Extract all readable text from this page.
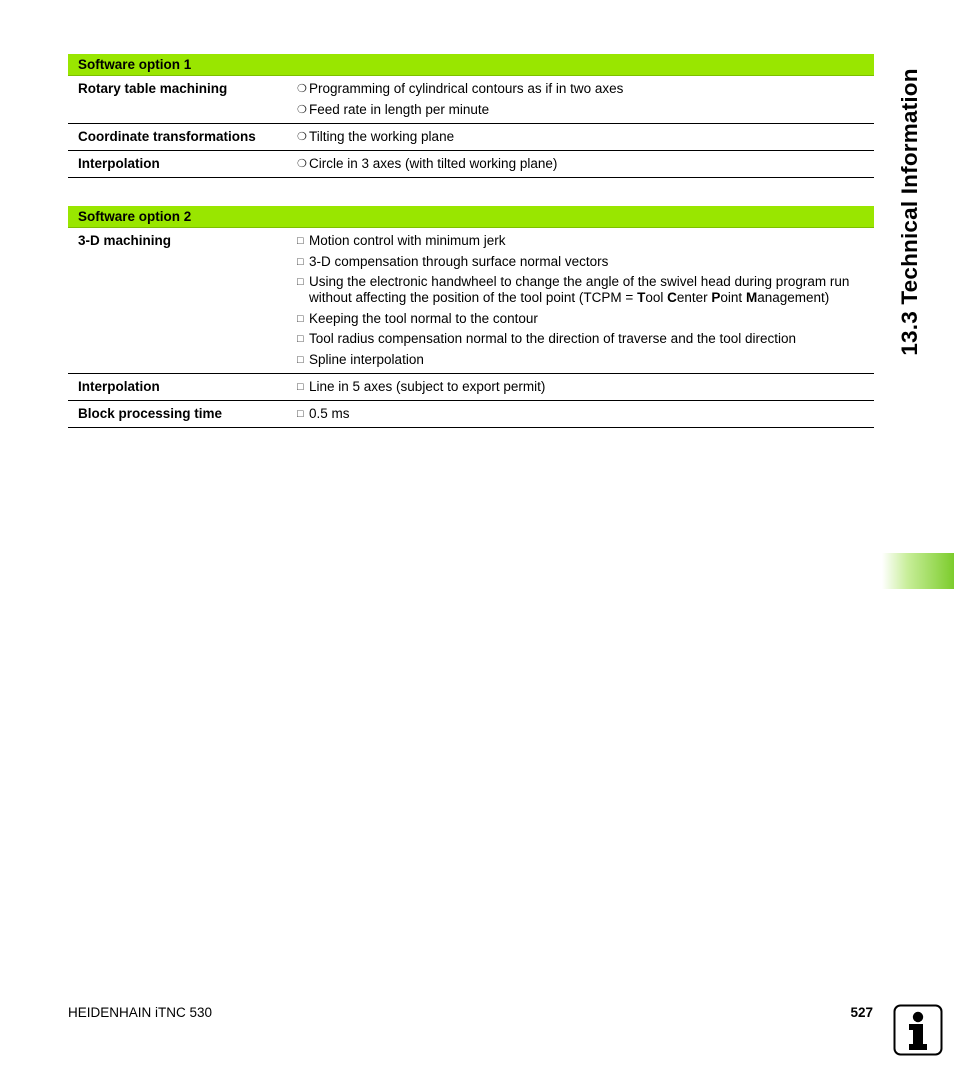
Software option 1
Rotary table machining ❍	Programming of cylindrical contours as if in two axes
❍
Feed rate in length per minute
Coordinate transformations ❍	Tilting the working plane
Interpolation ❍	Circle in 3 axes (with tilted working plane)
Software option 2
3-D machining □	Motion control with minimum jerk
□
3-D compensation through surface normal vectors
□
Using the electronic handwheel to change the angle of the swivel head during program run without affecting the position of the tool point (TCPM = Tool Center Point Management)
□
Keeping the tool normal to the contour
□
Tool radius compensation normal to the direction of traverse and the tool direction
□
Spline interpolation
Interpolation □	Line in 5 axes (subject to export permit)
Block processing time □	0.5 ms
13.3 Technical Information
HEIDENHAIN iTNC 530	527
